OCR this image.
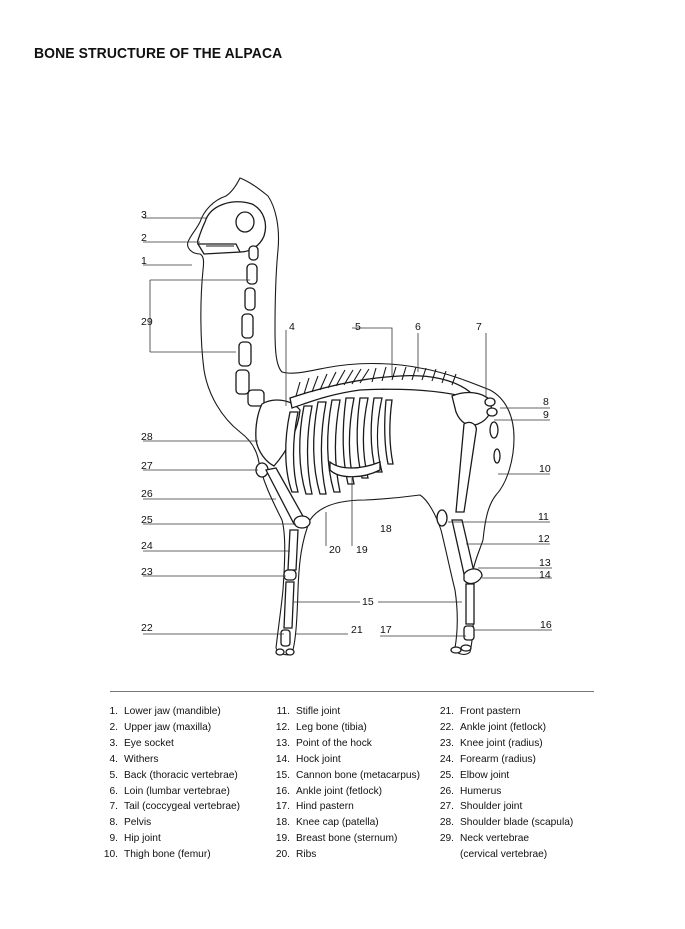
BONE STRUCTURE OF THE ALPACA
3
2
1
29	4	5	6	7
8
9
10
11
12
13
14
15
16
17
18
19
20
21
22
23
24
25
26
27
28
1. Lower jaw (mandible)
2. Upper jaw (maxilla)
3. Eye socket
4. Withers
5. Back (thoracic vertebrae)
6. Loin (lumbar vertebrae)
7. Tail (coccygeal vertebrae)
8. Pelvis
9. Hip joint
10. Thigh bone (femur)
11. Stifle joint
12. Leg bone (tibia)
13. Point of the hock
14. Hock joint
15. Cannon bone (metacarpus)
16. Ankle joint (fetlock)
17. Hind pastern
18. Knee cap (patella)
19. Breast bone (sternum)
20. Ribs
21. Front pastern
22. Ankle joint (fetlock)
23. Knee joint (radius)
24. Forearm (radius)
25. Elbow joint
26. Humerus
27. Shoulder joint
28. Shoulder blade (scapula)
29. Neck vertebrae
(cervical vertebrae)
